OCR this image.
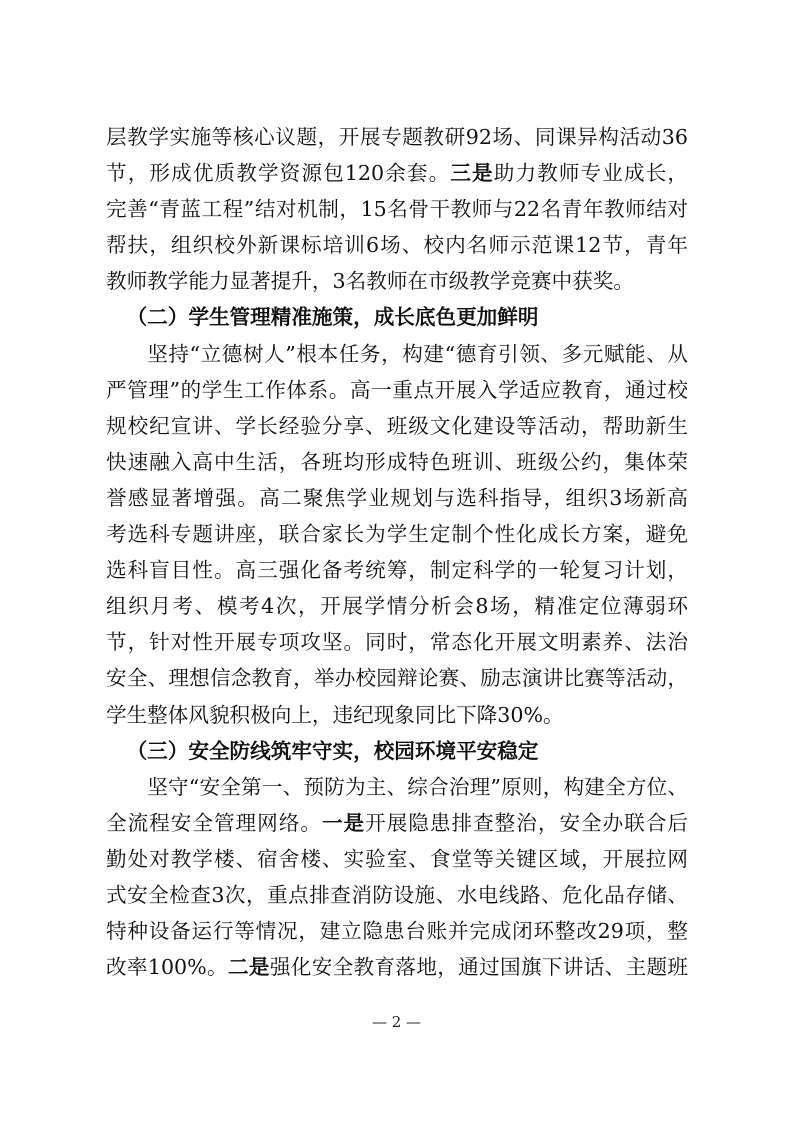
层教学实施等核心议题，开展专题教研92场、同课异构活动36
节，形成优质教学资源包120余套。三是助力教师专业成长，
完善“青蓝工程”结对机制，15名骨干教师与22名青年教师结对
帮扶，组织校外新课标培训6场、校内名师示范课12节，青年
教师教学能力显著提升，3名教师在市级教学竞赛中获奖。
（二）学生管理精准施策，成长底色更加鲜明
坚持“立德树人”根本任务，构建“德育引领、多元赋能、从
严管理”的学生工作体系。高一重点开展入学适应教育，通过校
规校纪宣讲、学长经验分享、班级文化建设等活动，帮助新生
快速融入高中生活，各班均形成特色班训、班级公约，集体荣
誉感显著增强。高二聚焦学业规划与选科指导，组织3场新高
考选科专题讲座，联合家长为学生定制个性化成长方案，避免
选科盲目性。高三强化备考统筹，制定科学的一轮复习计划，
组织月考、模考4次，开展学情分析会8场，精准定位薄弱环
节，针对性开展专项攻坚。同时，常态化开展文明素养、法治
安全、理想信念教育，举办校园辩论赛、励志演讲比赛等活动，
学生整体风貌积极向上，违纪现象同比下降30%。
（三）安全防线筑牢守实，校园环境平安稳定
坚守“安全第一、预防为主、综合治理”原则，构建全方位、
全流程安全管理网络。一是开展隐患排查整治，安全办联合后
勤处对教学楼、宿舍楼、实验室、食堂等关键区域，开展拉网
式安全检查3次，重点排查消防设施、水电线路、危化品存储、
特种设备运行等情况，建立隐患台账并完成闭环整改29项，整
改率100%。二是强化安全教育落地，通过国旗下讲话、主题班
— 2 —
